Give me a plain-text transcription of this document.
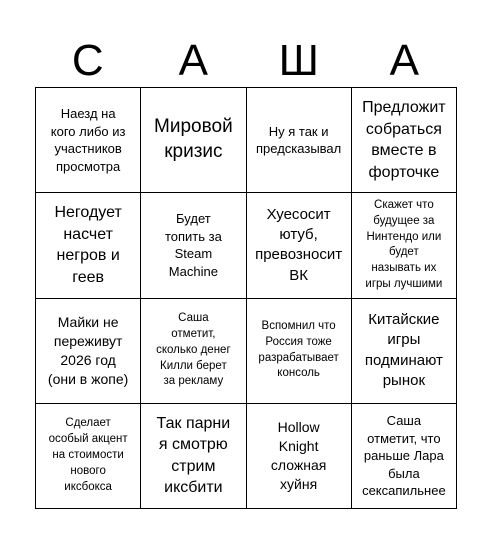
С	А	Ш	А
Наезд на
кого либо из
участников
просмотра
Мировой
кризис
Ну я так и
предсказывал
Предложит
собраться
вместе в
форточке
Негодует
насчет
негров и
геев
Будет
топить за
Steam
Machine
Хуесосит
ютуб,
превозносит
ВК
Скажет что
будущее за
Нинтендо или
будет
называть их
игры лучшими
Майки не
переживут
2026 год
(они в жопе)
Саша
отметит,
сколько денег
Килли берет
за рекламу
Вспомнил что
Россия тоже
разрабатывает
консоль
Китайские
игры
подминают
рынок
Сделает
особый акцент
на стоимости
нового
иксбокса
Так парни
я смотрю
стрим
иксбити
Hollow
Knight
сложная
хуйня
Саша
отметит, что
раньше Лара
была
сексапильнее
